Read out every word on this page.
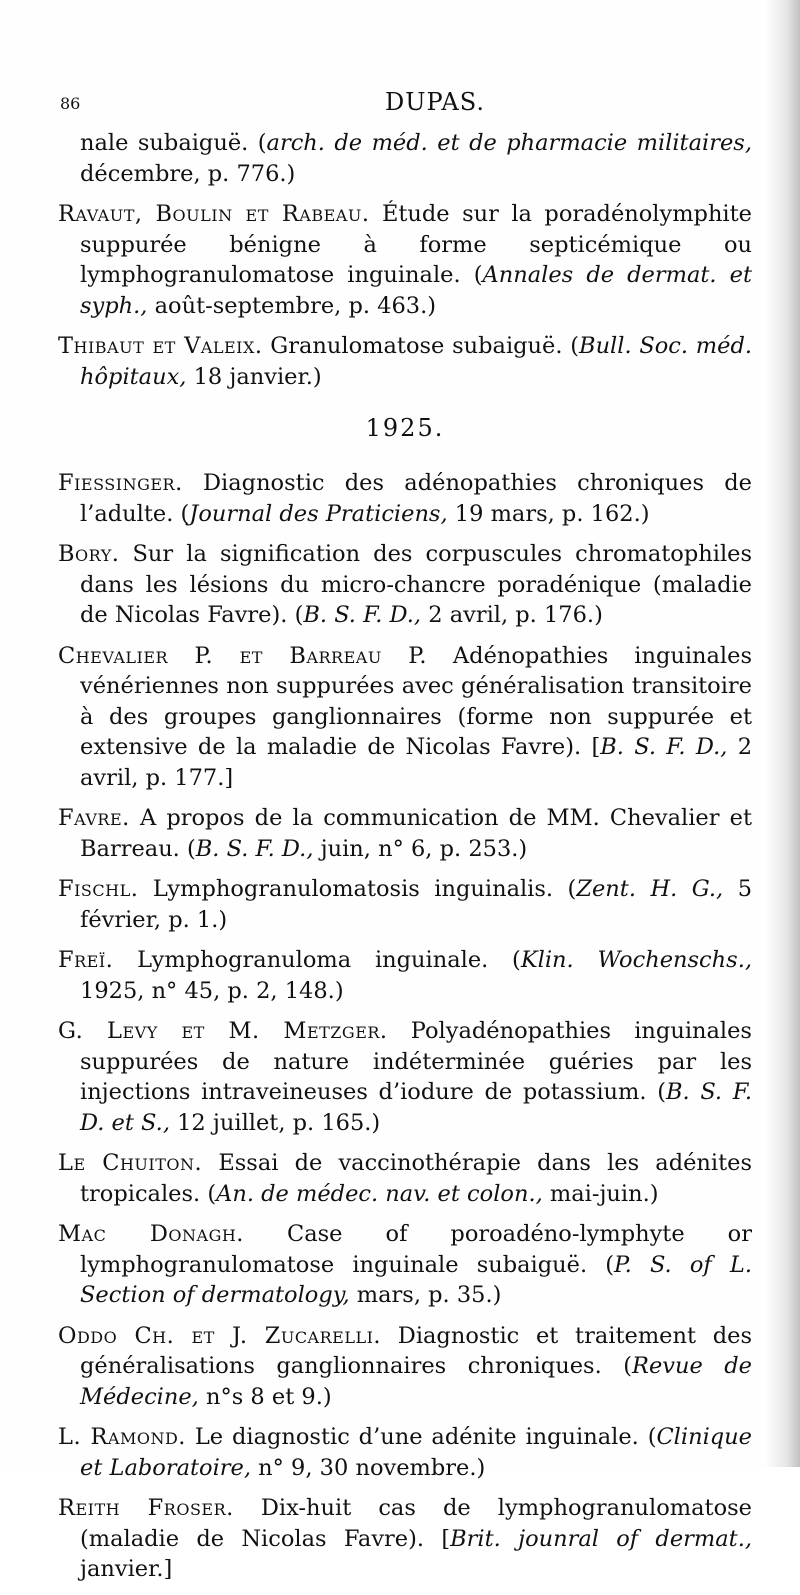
86	DUPAS.

nale subaiguë. (arch. de méd. et de pharmacie militaires, décembre, p. 776.)

Ravaut, Boulin et Rabeau. Étude sur la poradénolymphite suppurée bénigne à forme septicémique ou lymphogranulomatose inguinale. (Annales de dermat. et syph., août-septembre, p. 463.)

Thibaut et Valeix. Granulomatose subaiguë. (Bull. Soc. méd. hôpitaux, 18 janvier.)

1925.

Fiessinger. Diagnostic des adénopathies chroniques de l’adulte. (Journal des Praticiens, 19 mars, p. 162.)

Bory. Sur la signification des corpuscules chromatophiles dans les lésions du micro-chancre poradénique (maladie de Nicolas Favre). (B. S. F. D., 2 avril, p. 176.)

Chevalier P. et Barreau P. Adénopathies inguinales vénériennes non suppurées avec généralisation transitoire à des groupes ganglionnaires (forme non suppurée et extensive de la maladie de Nicolas Favre). [B. S. F. D., 2 avril, p. 177.]

Favre. A propos de la communication de MM. Chevalier et Barreau. (B. S. F. D., juin, n° 6, p. 253.)

Fischl. Lymphogranulomatosis inguinalis. (Zent. H. G., 5 février, p. 1.)

Freï. Lymphogranuloma inguinale. (Klin. Wochenschs., 1925, n° 45, p. 2, 148.)

G. Levy et M. Metzger. Polyadénopathies inguinales suppurées de nature indéterminée guéries par les injections intraveineuses d’iodure de potassium. (B. S. F. D. et S., 12 juillet, p. 165.)

Le Chuiton. Essai de vaccinothérapie dans les adénites tropicales. (An. de médec. nav. et colon., mai-juin.)

Mac Donagh. Case of poroadéno-lymphyte or lymphogranulomatose inguinale subaiguë. (P. S. of L. Section of dermatology, mars, p. 35.)

Oddo Ch. et J. Zucarelli. Diagnostic et traitement des généralisations ganglionnaires chroniques. (Revue de Médecine, n°s 8 et 9.)

L. Ramond. Le diagnostic d’une adénite inguinale. (Clinique et Laboratoire, n° 9, 30 novembre.)

Reith Froser. Dix-huit cas de lymphogranulomatose (maladie de Nicolas Favre). [Brit. jounral of dermat., janvier.]
